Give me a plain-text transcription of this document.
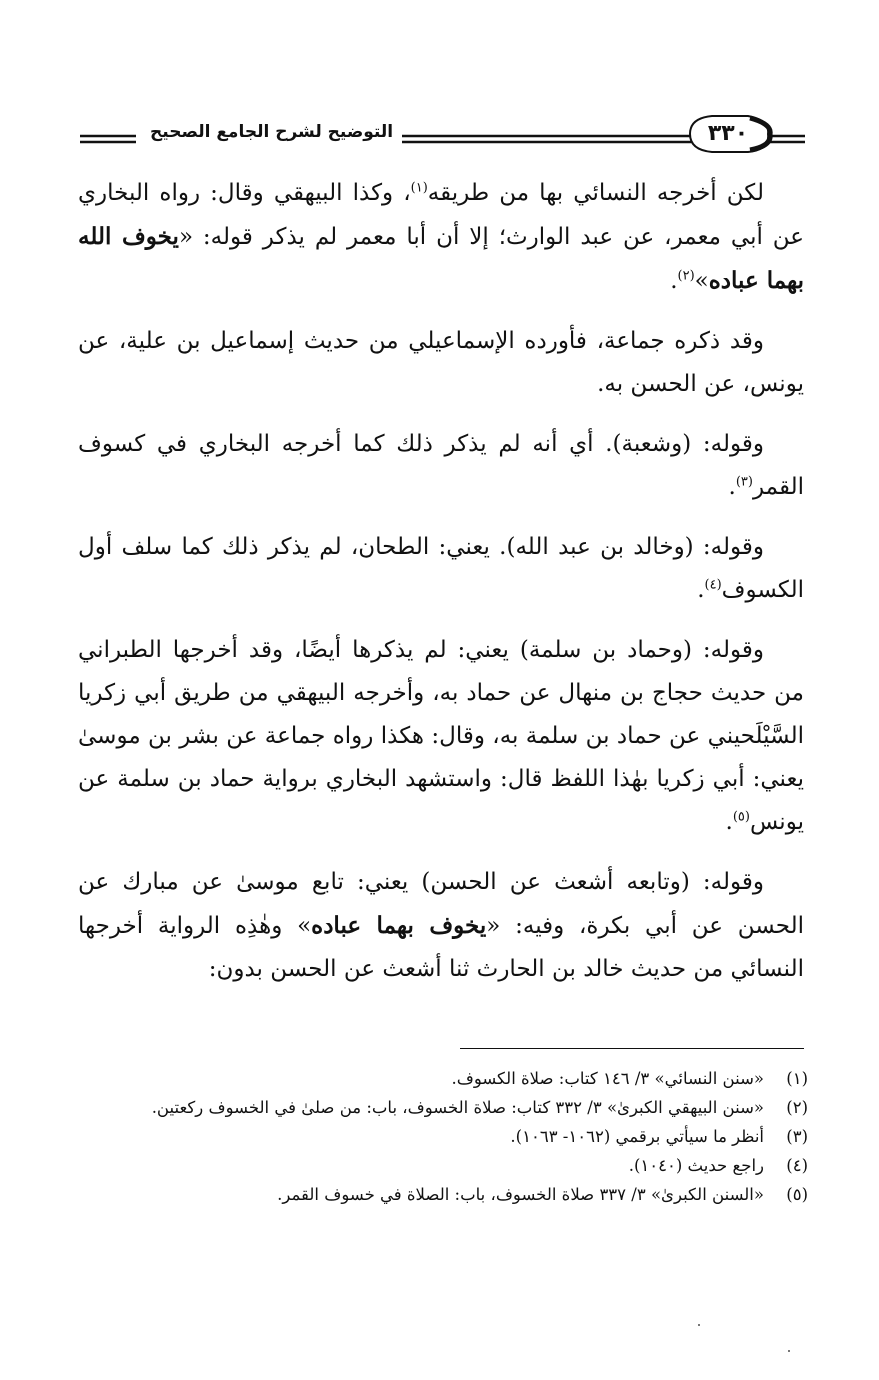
٣٣٠
التوضيح لشرح الجامع الصحيح

لكن أخرجه النسائي بها من طريقه$^{(١)}$، وكذا البيهقي وقال: رواه البخاري عن أبي معمر، عن عبد الوارث؛ إلا أن أبا معمر لم يذكر قوله: «يخوف الله بهما عباده»$^{(٢)}$.

وقد ذكره جماعة، فأورده الإسماعيلي من حديث إسماعيل بن علية، عن يونس، عن الحسن به.

وقوله: (وشعبة). أي أنه لم يذكر ذلك كما أخرجه البخاري في كسوف القمر$^{(٣)}$.

وقوله: (وخالد بن عبد الله). يعني: الطحان، لم يذكر ذلك كما سلف أول الكسوف$^{(٤)}$.

وقوله: (وحماد بن سلمة) يعني: لم يذكرها أيضًا، وقد أخرجها الطبراني من حديث حجاج بن منهال عن حماد به، وأخرجه البيهقي من طريق أبي زكريا السَّيْلَحيني عن حماد بن سلمة به، وقال: هكذا رواه جماعة عن بشر بن موسىٰ يعني: أبي زكريا بهٰذا اللفظ قال: واستشهد البخاري برواية حماد بن سلمة عن يونس$^{(٥)}$.

وقوله: (وتابعه أشعث عن الحسن) يعني: تابع موسىٰ عن مبارك عن الحسن عن أبي بكرة، وفيه: «يخوف بهما عباده» وهٰذِه الرواية أخرجها النسائي من حديث خالد بن الحارث ثنا أشعث عن الحسن بدون:

(١)
«سنن النسائي» ٣/ ١٤٦ كتاب: صلاة الكسوف.
(٢)
«سنن البيهقي الكبرىٰ» ٣/ ٣٣٢ كتاب: صلاة الخسوف، باب: من صلىٰ في الخسوف ركعتين.
(٣)
أنظر ما سيأتي برقمي (١٠٦٢- ١٠٦٣).
(٤)
راجع حديث (١٠٤٠).
(٥)
«السنن الكبرىٰ» ٣/ ٣٣٧ صلاة الخسوف، باب: الصلاة في خسوف القمر.
